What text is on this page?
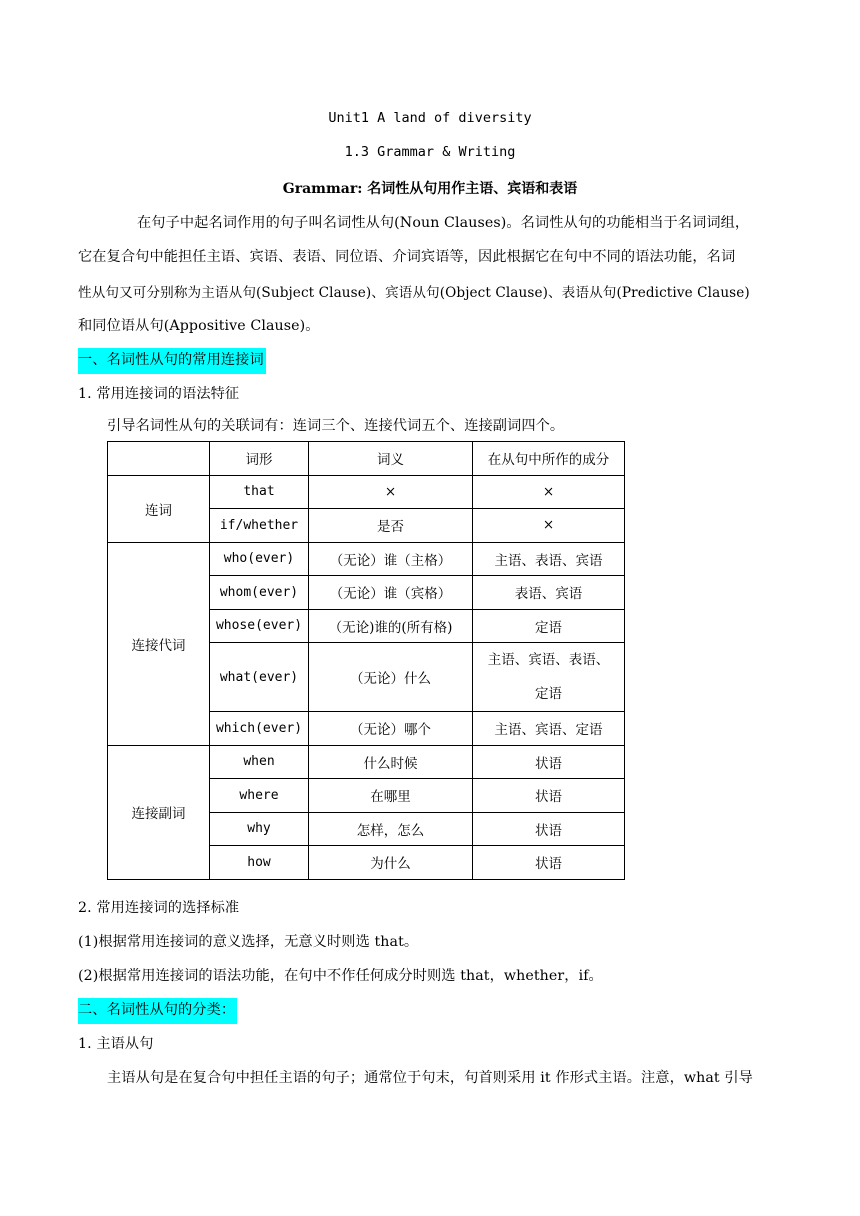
Unit1 A land of diversity
1.3 Grammar & Writing
Grammar: 名词性从句用作主语、宾语和表语
在句子中起名词作用的句子叫名词性从句(Noun Clauses)。名词性从句的功能相当于名词词组，
它在复合句中能担任主语、宾语、表语、同位语、介词宾语等，因此根据它在句中不同的语法功能，名词
性从句又可分别称为主语从句(Subject Clause)、宾语从句(Object Clause)、表语从句(Predictive Clause)
和同位语从句(Appositive Clause)。
一、名词性从句的常用连接词
1. 常用连接词的语法特征
引导名词性从句的关联词有：连词三个、连接代词五个、连接副词四个。
	词形	词义	在从句中所作的成分
连词	that	×	×
	if/whether	是否	×
连接代词	who(ever)	（无论）谁（主格）	主语、表语、宾语
	whom(ever)	（无论）谁（宾格）	表语、宾语
	whose(ever)	（无论)谁的(所有格)	定语
	what(ever)	（无论）什么	主语、宾语、表语、
定语

	which(ever)	（无论）哪个	主语、宾语、定语
连接副词	when	什么时候	状语
	where	在哪里	状语
	why	怎样，怎么	状语
	how	为什么	状语
2. 常用连接词的选择标准
(1)根据常用连接词的意义选择，无意义时则选 that。
(2)根据常用连接词的语法功能，在句中不作任何成分时则选 that，whether，if。
二、名词性从句的分类：
1. 主语从句
主语从句是在复合句中担任主语的句子；通常位于句末，句首则采用 it 作形式主语。注意，what 引导
